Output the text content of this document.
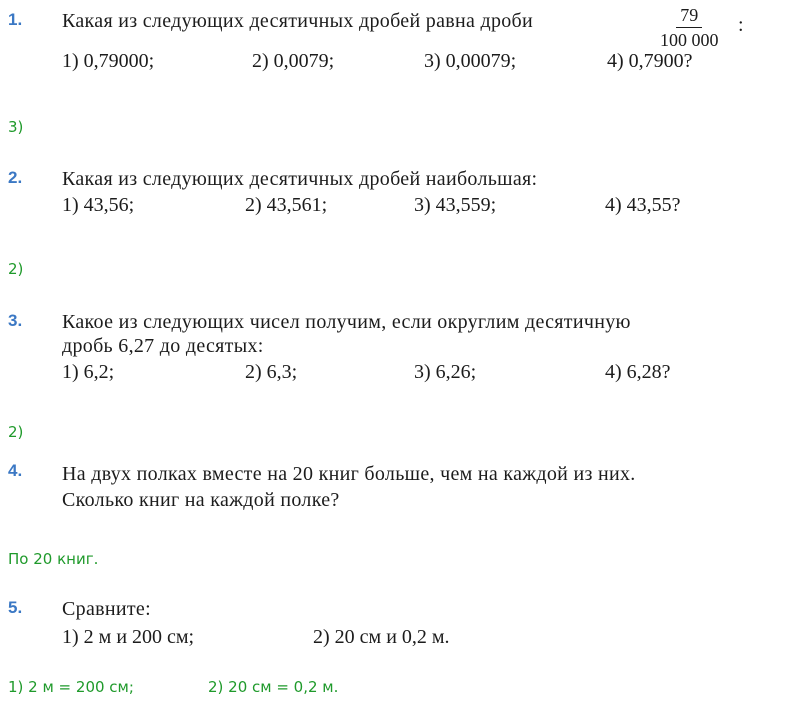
1. Какая из следующих десятичных дробей равна дроби	$\frac{79}{100 000}$ :
1) 0,79000;	2) 0,0079;	3) 0,00079;	4) 0,7900?
3)
2. Какая из следующих десятичных дробей наибольшая:
1) 43,56;	2) 43,561;	3) 43,559;	4) 43,55?
2)
3. Какое из следующих чисел получим, если округлим десятичную
дробь 6,27 до десятых:
1) 6,2;	2) 6,3;	3) 6,26;	4) 6,28?
2)
4. На двух полках вместе на 20 книг больше, чем на каждой из них.
Сколько книг на каждой полке?
По 20 книг.
5. Сравните:
1) 2 м и 200 см;	2) 20 см и 0,2 м.
1) 2 м = 200 см;	2) 20 см = 0,2 м.
